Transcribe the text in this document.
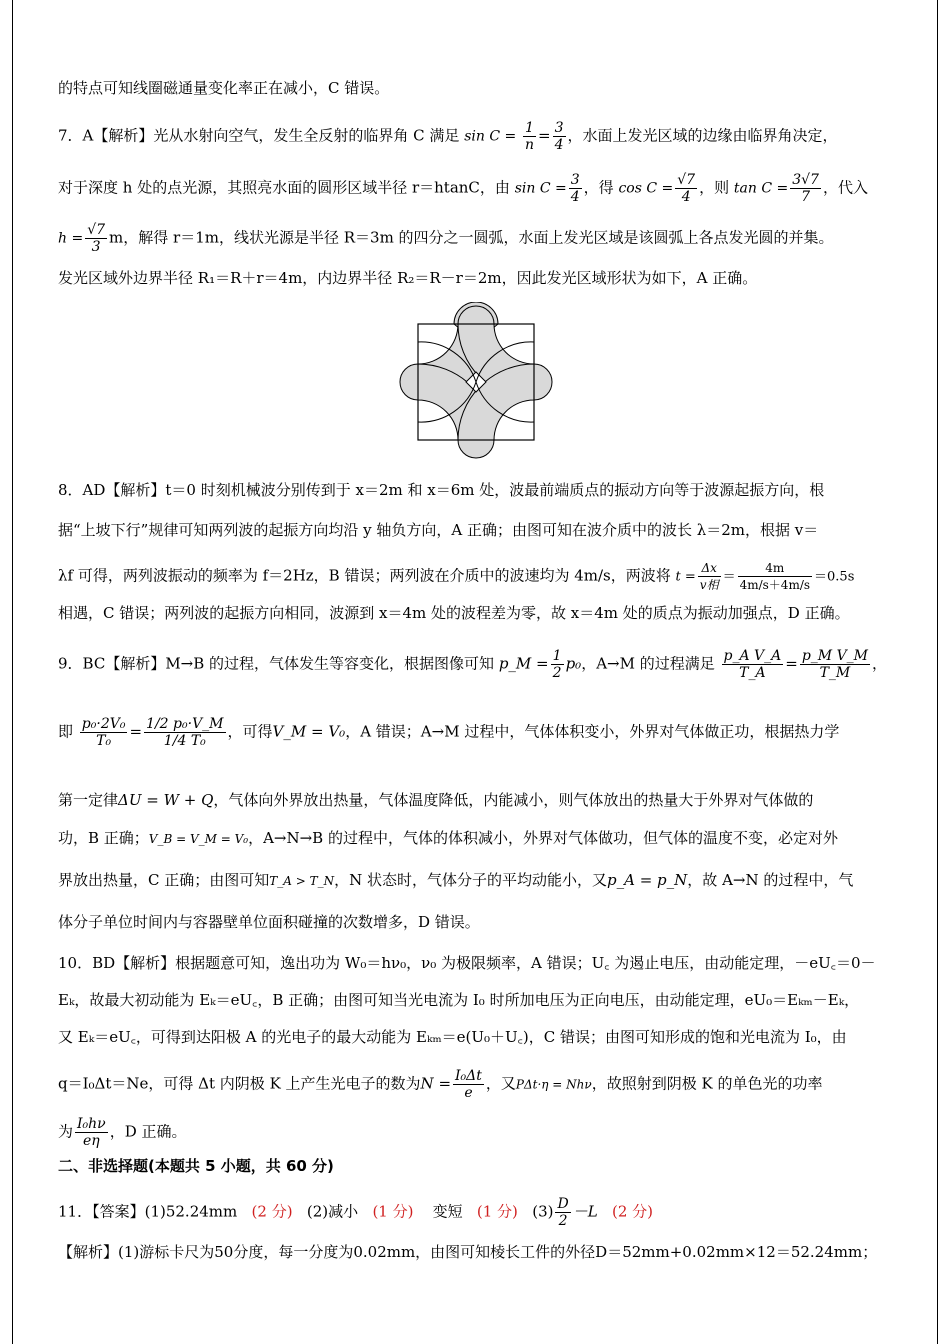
的特点可知线圈磁通量变化率正在减小，C 错误。
7．A【解析】光从水射向空气，发生全反射的临界角 C 满足 $\sin C = \frac{1}{n} = \frac{3}{4}$ ，水面上发光区域的边缘由临界角决定，
对于深度 h 处的点光源，其照亮水面的圆形区域半径 r＝htanC，由 $\sin C = \frac{3}{4}$ ，得 $\cos C = \frac{√7}{4}$ ，则 $\tan C = \frac{3√7}{7}$ ，代入
$h = \frac{√7}{3}$ m，解得 r＝1m，线状光源是半径 R＝3m 的四分之一圆弧，水面上发光区域是该圆弧上各点发光圆的并集。
发光区域外边界半径 R₁＝R＋r＝4m，内边界半径 R₂＝R－r＝2m，因此发光区域形状为如下，A 正确。
8．AD【解析】t＝0 时刻机械波分别传到于 x＝2m 和 x＝6m 处，波最前端质点的振动方向等于波源起振方向，根
据“上坡下行”规律可知两列波的起振方向均沿 y 轴负方向，A 正确；由图可知在波介质中的波长 λ＝2m，根据 v＝
λf 可得，两列波振动的频率为 f＝2Hz，B 错误；两列波在介质中的波速均为 4m/s，两波将 $t = \frac{\Delta x}{\text{v相}} = \frac{4m}{4m/s+4m/s} =0.5s$
相遇，C 错误；两列波的起振方向相同，波源到 x＝4m 处的波程差为零，故 x＝4m 处的质点为振动加强点，D 正确。
9．BC【解析】M→B 的过程，气体发生等容变化，根据图像可知 p_M = $\frac{1}{2} p_0$，A→M 的过程满足 $\frac{\text{p\_A V\_A}}{T\_A} = \frac{\text{p\_M V\_M}}{T\_M}$ ，
即 $\frac{\text{p₀·2V₀}}{\text{T₀}} = \frac{\text{1/2 p₀·V\_M}}{\text{1/4 T₀}}$ ，可得V_M = V₀，A 错误；A→M 过程中，气体体积变小，外界对气体做正功，根据热力学
第一定律ΔU = W + Q，气体向外界放出热量，气体温度降低，内能减小，则气体放出的热量大于外界对气体做的
功，B 正确；V_B = V_M = V₀，A→N→B 的过程中，气体的体积减小，外界对气体做功，但气体的温度不变，必定对外
界放出热量，C 正确；由图可知T_A > T_N，N 状态时，气体分子的平均动能小，又p_A = p_N，故 A→N 的过程中，气
体分子单位时间内与容器壁单位面积碰撞的次数增多，D 错误。
10．BD【解析】根据题意可知，逸出功为 W₀＝hν₀，ν₀ 为极限频率，A 错误；U꜀ 为遏止电压，由动能定理，－eU꜀＝0－
Eₖ，故最大初动能为 Eₖ＝eU꜀，B 正确；由图可知当光电流为 I₀ 时所加电压为正向电压，由动能定理，eU₀＝Eₖₘ－Eₖ，
又 Eₖ＝eU꜀，可得到达阳极 A 的光电子的最大动能为 Eₖₘ＝e(U₀＋U꜀)，C 错误；由图可知形成的饱和光电流为 I₀，由
q＝I₀Δt＝Ne，可得 Δt 内阴极 K 上产生光电子的数为$N = \frac{\text{I₀Δt}}{e}$ ，又PΔt·η = Nhν，故照射到阴极 K 的单色光的功率
为 $\frac{\text{I₀hν}}{e\eta}$ ，D 正确。
二、非选择题(本题共 5 小题，共 60 分)
11．【答案】(1)52.24mm (2 分) (2)减小 (1 分) 变短 (1 分) $(3) \frac{D}{2} -L$ (2 分)
【解析】(1)游标卡尺为50分度，每一分度为0.02mm，由图可知棱长工件的外径D＝52mm+0.02mm×12＝52.24mm；
